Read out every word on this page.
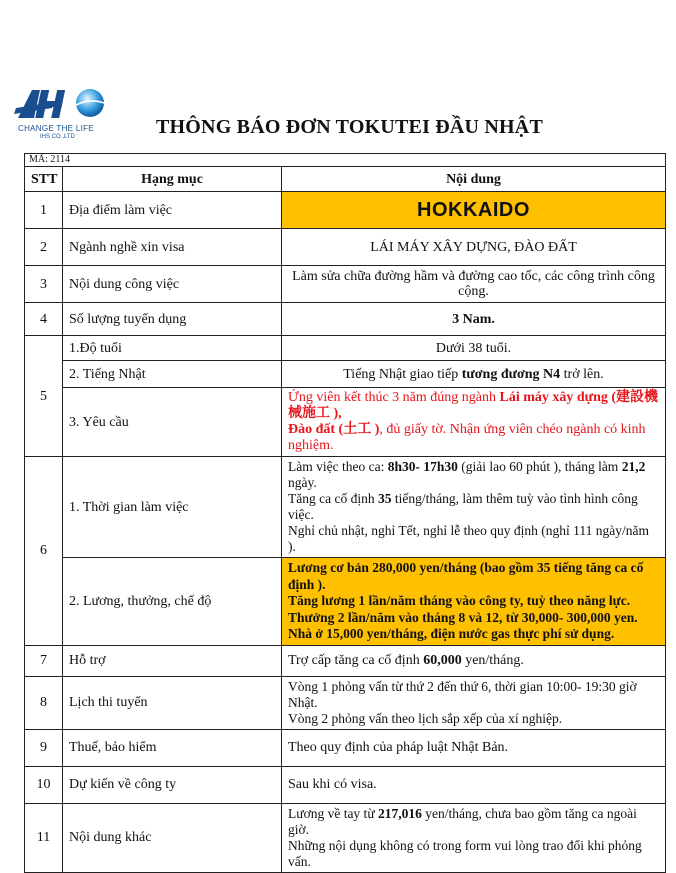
CHANGE THE LIFE
IHS CO.,LTD	THÔNG BÁO ĐƠN TOKUTEI ĐẦU NHẬT
MÃ: 2114		
STT	Hạng mục	Nội dung
1	Địa điểm làm việc	HOKKAIDO
2	Ngành nghề xin visa	LÁI MÁY XÂY DỰNG, ĐÀO ĐẤT
3	Nội dung công việc	Làm sửa chữa đường hầm và đường cao tốc, các công trình công cộng.
4	Số lượng tuyển dụng	3 Nam.
5	1.Độ tuổi	Dưới 38 tuổi.
	2. Tiếng Nhật	Tiếng Nhật giao tiếp tương đương N4 trở lên.
	3. Yêu cầu	Ứng viên kết thúc 3 năm đúng ngành Lái máy xây dựng (建設機械施工 ),
Đào đất (土工 ), đủ giấy tờ. Nhận ứng viên chéo ngành có kinh nghiệm.
6	1. Thời gian làm việc	Làm việc theo ca: 8h30- 17h30 (giải lao 60 phút ), tháng làm 21,2 ngày.
Tăng ca cố định 35 tiếng/tháng, làm thêm tuỳ vào tình hình công việc.
Nghỉ chủ nhật, nghỉ Tết, nghỉ lễ theo quy định (nghỉ 111 ngày/năm ).
	2. Lương, thưởng, chế độ	Lương cơ bản 280,000 yen/tháng (bao gồm 35 tiếng tăng ca cố định ).
Tăng lương 1 lần/năm tháng vào công ty, tuỳ theo năng lực.
Thưởng 2 lần/năm vào tháng 8 và 12, từ 30,000- 300,000 yen.
Nhà ở 15,000 yen/tháng, điện nước gas thực phí sử dụng.
7	Hỗ trợ	Trợ cấp tăng ca cố định 60,000 yen/tháng.
8	Lịch thi tuyển	Vòng 1 phỏng vấn từ thứ 2 đến thứ 6, thời gian 10:00- 19:30 giờ Nhật.
Vòng 2 phỏng vấn theo lịch sắp xếp của xí nghiệp.
9	Thuế, bảo hiểm	Theo quy định của pháp luật Nhật Bản.
10	Dự kiến về công ty	Sau khi có visa.
11	Nội dung khác	Lương về tay từ 217,016 yen/tháng, chưa bao gồm tăng ca ngoài giờ.
Những nội dụng không có trong form vui lòng trao đổi khi phỏng vấn.
